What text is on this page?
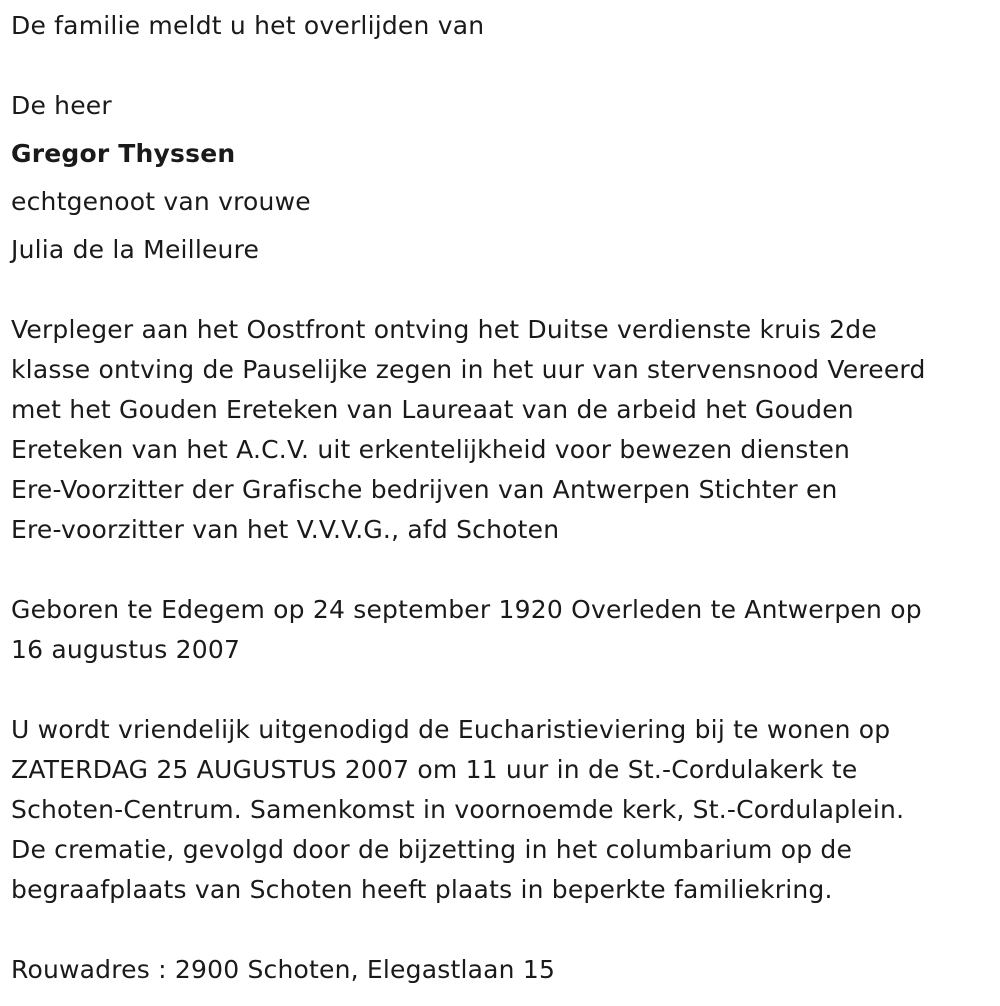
De familie meldt u het overlijden van
De heer
Gregor Thyssen
echtgenoot van vrouwe
Julia de la Meilleure
Verpleger aan het Oostfront ontving het Duitse verdienste kruis 2de
klasse ontving de Pauselijke zegen in het uur van stervensnood Vereerd
met het Gouden Ereteken van Laureaat van de arbeid het Gouden
Ereteken van het A.C.V. uit erkentelijkheid voor bewezen diensten
Ere-Voorzitter der Grafische bedrijven van Antwerpen Stichter en
Ere-voorzitter van het V.V.V.G., afd Schoten
Geboren te Edegem op 24 september 1920 Overleden te Antwerpen op
16 augustus 2007
U wordt vriendelijk uitgenodigd de Eucharistieviering bij te wonen op
ZATERDAG 25 AUGUSTUS 2007 om 11 uur in de St.-Cordulakerk te
Schoten-Centrum. Samenkomst in voornoemde kerk, St.-Cordulaplein.
De crematie, gevolgd door de bijzetting in het columbarium op de
begraafplaats van Schoten heeft plaats in beperkte familiekring.
Rouwadres : 2900 Schoten, Elegastlaan 15
